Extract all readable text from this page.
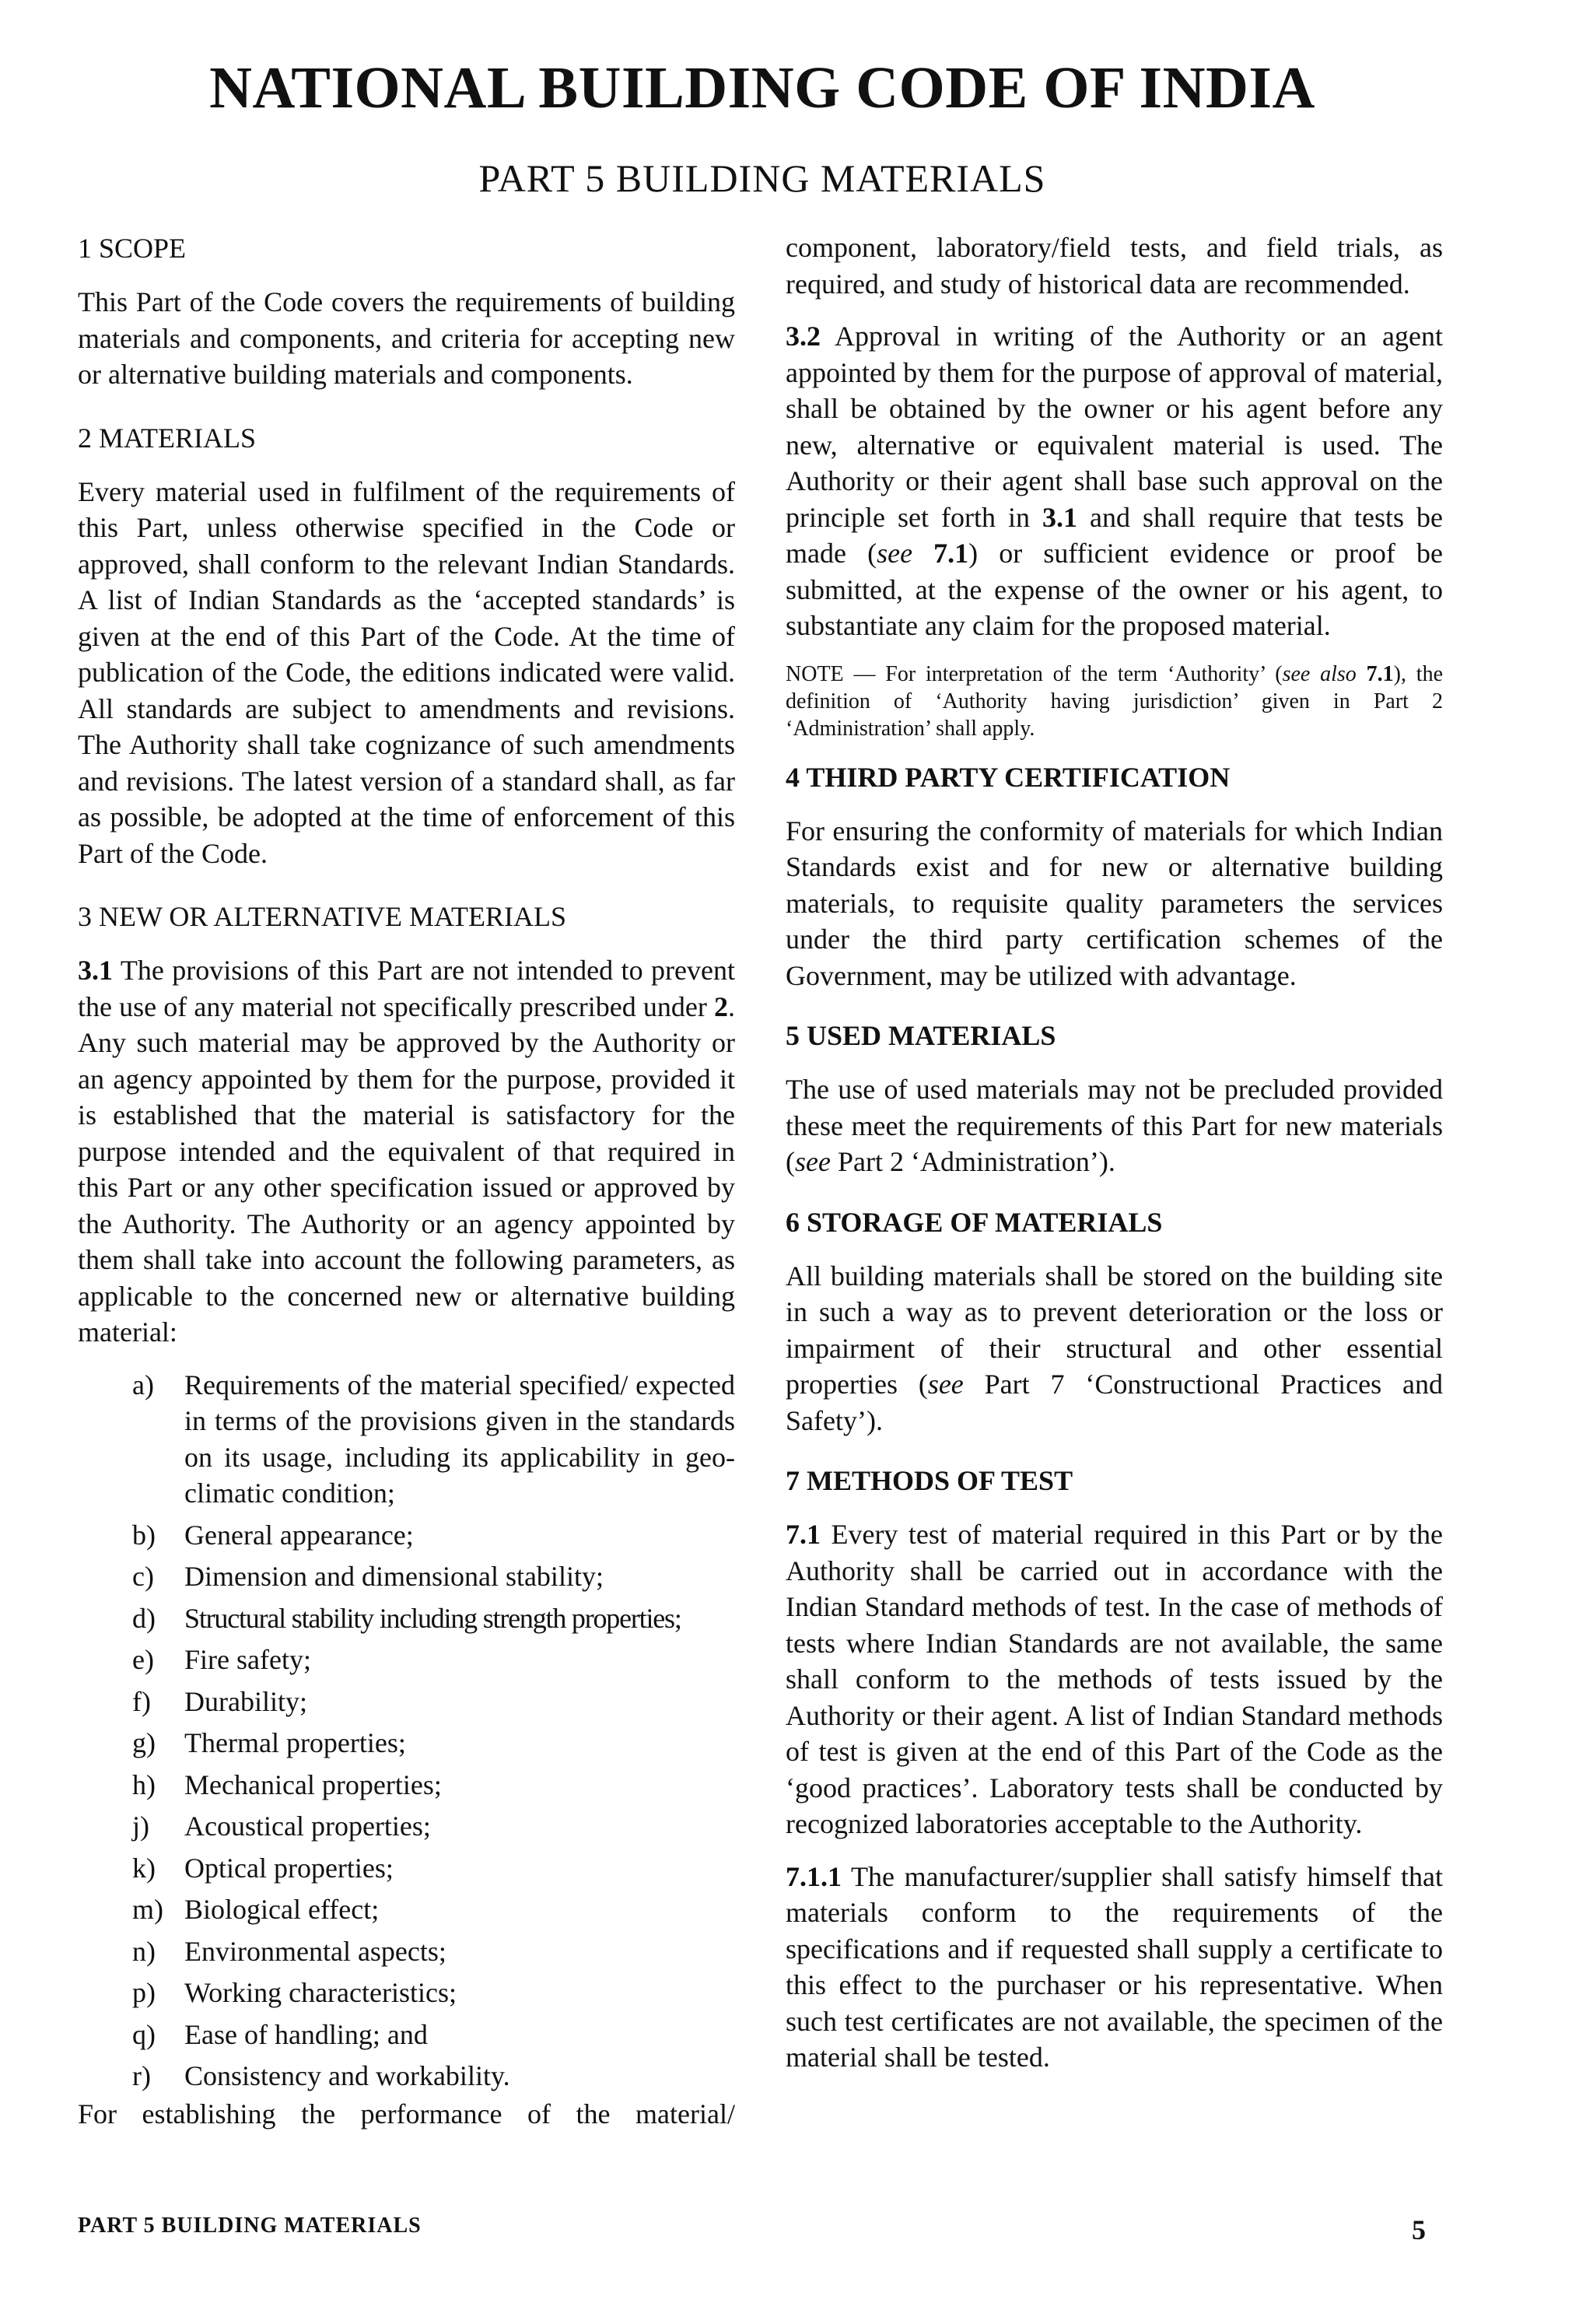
NATIONAL BUILDING CODE OF INDIA
PART 5 BUILDING MATERIALS
1 SCOPE

This Part of the Code covers the requirements of building materials and components, and criteria for accepting new or alternative building materials and components.

2 MATERIALS

Every material used in fulfilment of the requirements of this Part, unless otherwise specified in the Code or approved, shall conform to the relevant Indian Standards. A list of Indian Standards as the ‘accepted standards’ is given at the end of this Part of the Code. At the time of publication of the Code, the editions indicated were valid. All standards are subject to amendments and revisions. The Authority shall take cognizance of such amendments and revisions. The latest version of a standard shall, as far as possible, be adopted at the time of enforcement of this Part of the Code.

3 NEW OR ALTERNATIVE MATERIALS

3.1 The provisions of this Part are not intended to prevent the use of any material not specifically prescribed under 2. Any such material may be approved by the Authority or an agency appointed by them for the purpose, provided it is established that the material is satisfactory for the purpose intended and the equivalent of that required in this Part or any other specification issued or approved by the Authority. The Authority or an agency appointed by them shall take into account the following parameters, as applicable to the concerned new or alternative building material:

a)	Requirements of the material specified/ expected in terms of the provisions given in the standards on its usage, including its applicability in geo-climatic condition;
b)	General appearance;
c)	Dimension and dimensional stability;
d)	Structural stability including strength properties;
e)	Fire safety;
f)	Durability;
g)	Thermal properties;
h)	Mechanical properties;
j)	Acoustical properties;
k)	Optical properties;
m) Biological effect;
n)	Environmental aspects;
p)	Working characteristics;
q)	Ease of handling; and
r)	Consistency and workability.
For establishing the performance of the material/

component, laboratory/field tests, and field trials, as required, and study of historical data are recommended.

3.2 Approval in writing of the Authority or an agent appointed by them for the purpose of approval of material, shall be obtained by the owner or his agent before any new, alternative or equivalent material is used. The Authority or their agent shall base such approval on the principle set forth in 3.1 and shall require that tests be made (see 7.1) or sufficient evidence or proof be submitted, at the expense of the owner or his agent, to substantiate any claim for the proposed material.

NOTE — For interpretation of the term ‘Authority’ (see also 7.1), the definition of ‘Authority having jurisdiction’ given in Part 2 ‘Administration’ shall apply.

4 THIRD PARTY CERTIFICATION

For ensuring the conformity of materials for which Indian Standards exist and for new or alternative building materials, to requisite quality parameters the services under the third party certification schemes of the Government, may be utilized with advantage.

5 USED MATERIALS

The use of used materials may not be precluded provided these meet the requirements of this Part for new materials (see Part 2 ‘Administration’).

6 STORAGE OF MATERIALS

All building materials shall be stored on the building site in such a way as to prevent deterioration or the loss or impairment of their structural and other essential properties (see Part 7 ‘Constructional Practices and Safety’).

7 METHODS OF TEST

7.1 Every test of material required in this Part or by the Authority shall be carried out in accordance with the Indian Standard methods of test. In the case of methods of tests where Indian Standards are not available, the same shall conform to the methods of tests issued by the Authority or their agent. A list of Indian Standard methods of test is given at the end of this Part of the Code as the ‘good practices’. Laboratory tests shall be conducted by recognized laboratories acceptable to the Authority.

7.1.1 The manufacturer/supplier shall satisfy himself that materials conform to the requirements of the specifications and if requested shall supply a certificate to this effect to the purchaser or his representative. When such test certificates are not available, the specimen of the material shall be tested.

PART 5 BUILDING MATERIALS	5
